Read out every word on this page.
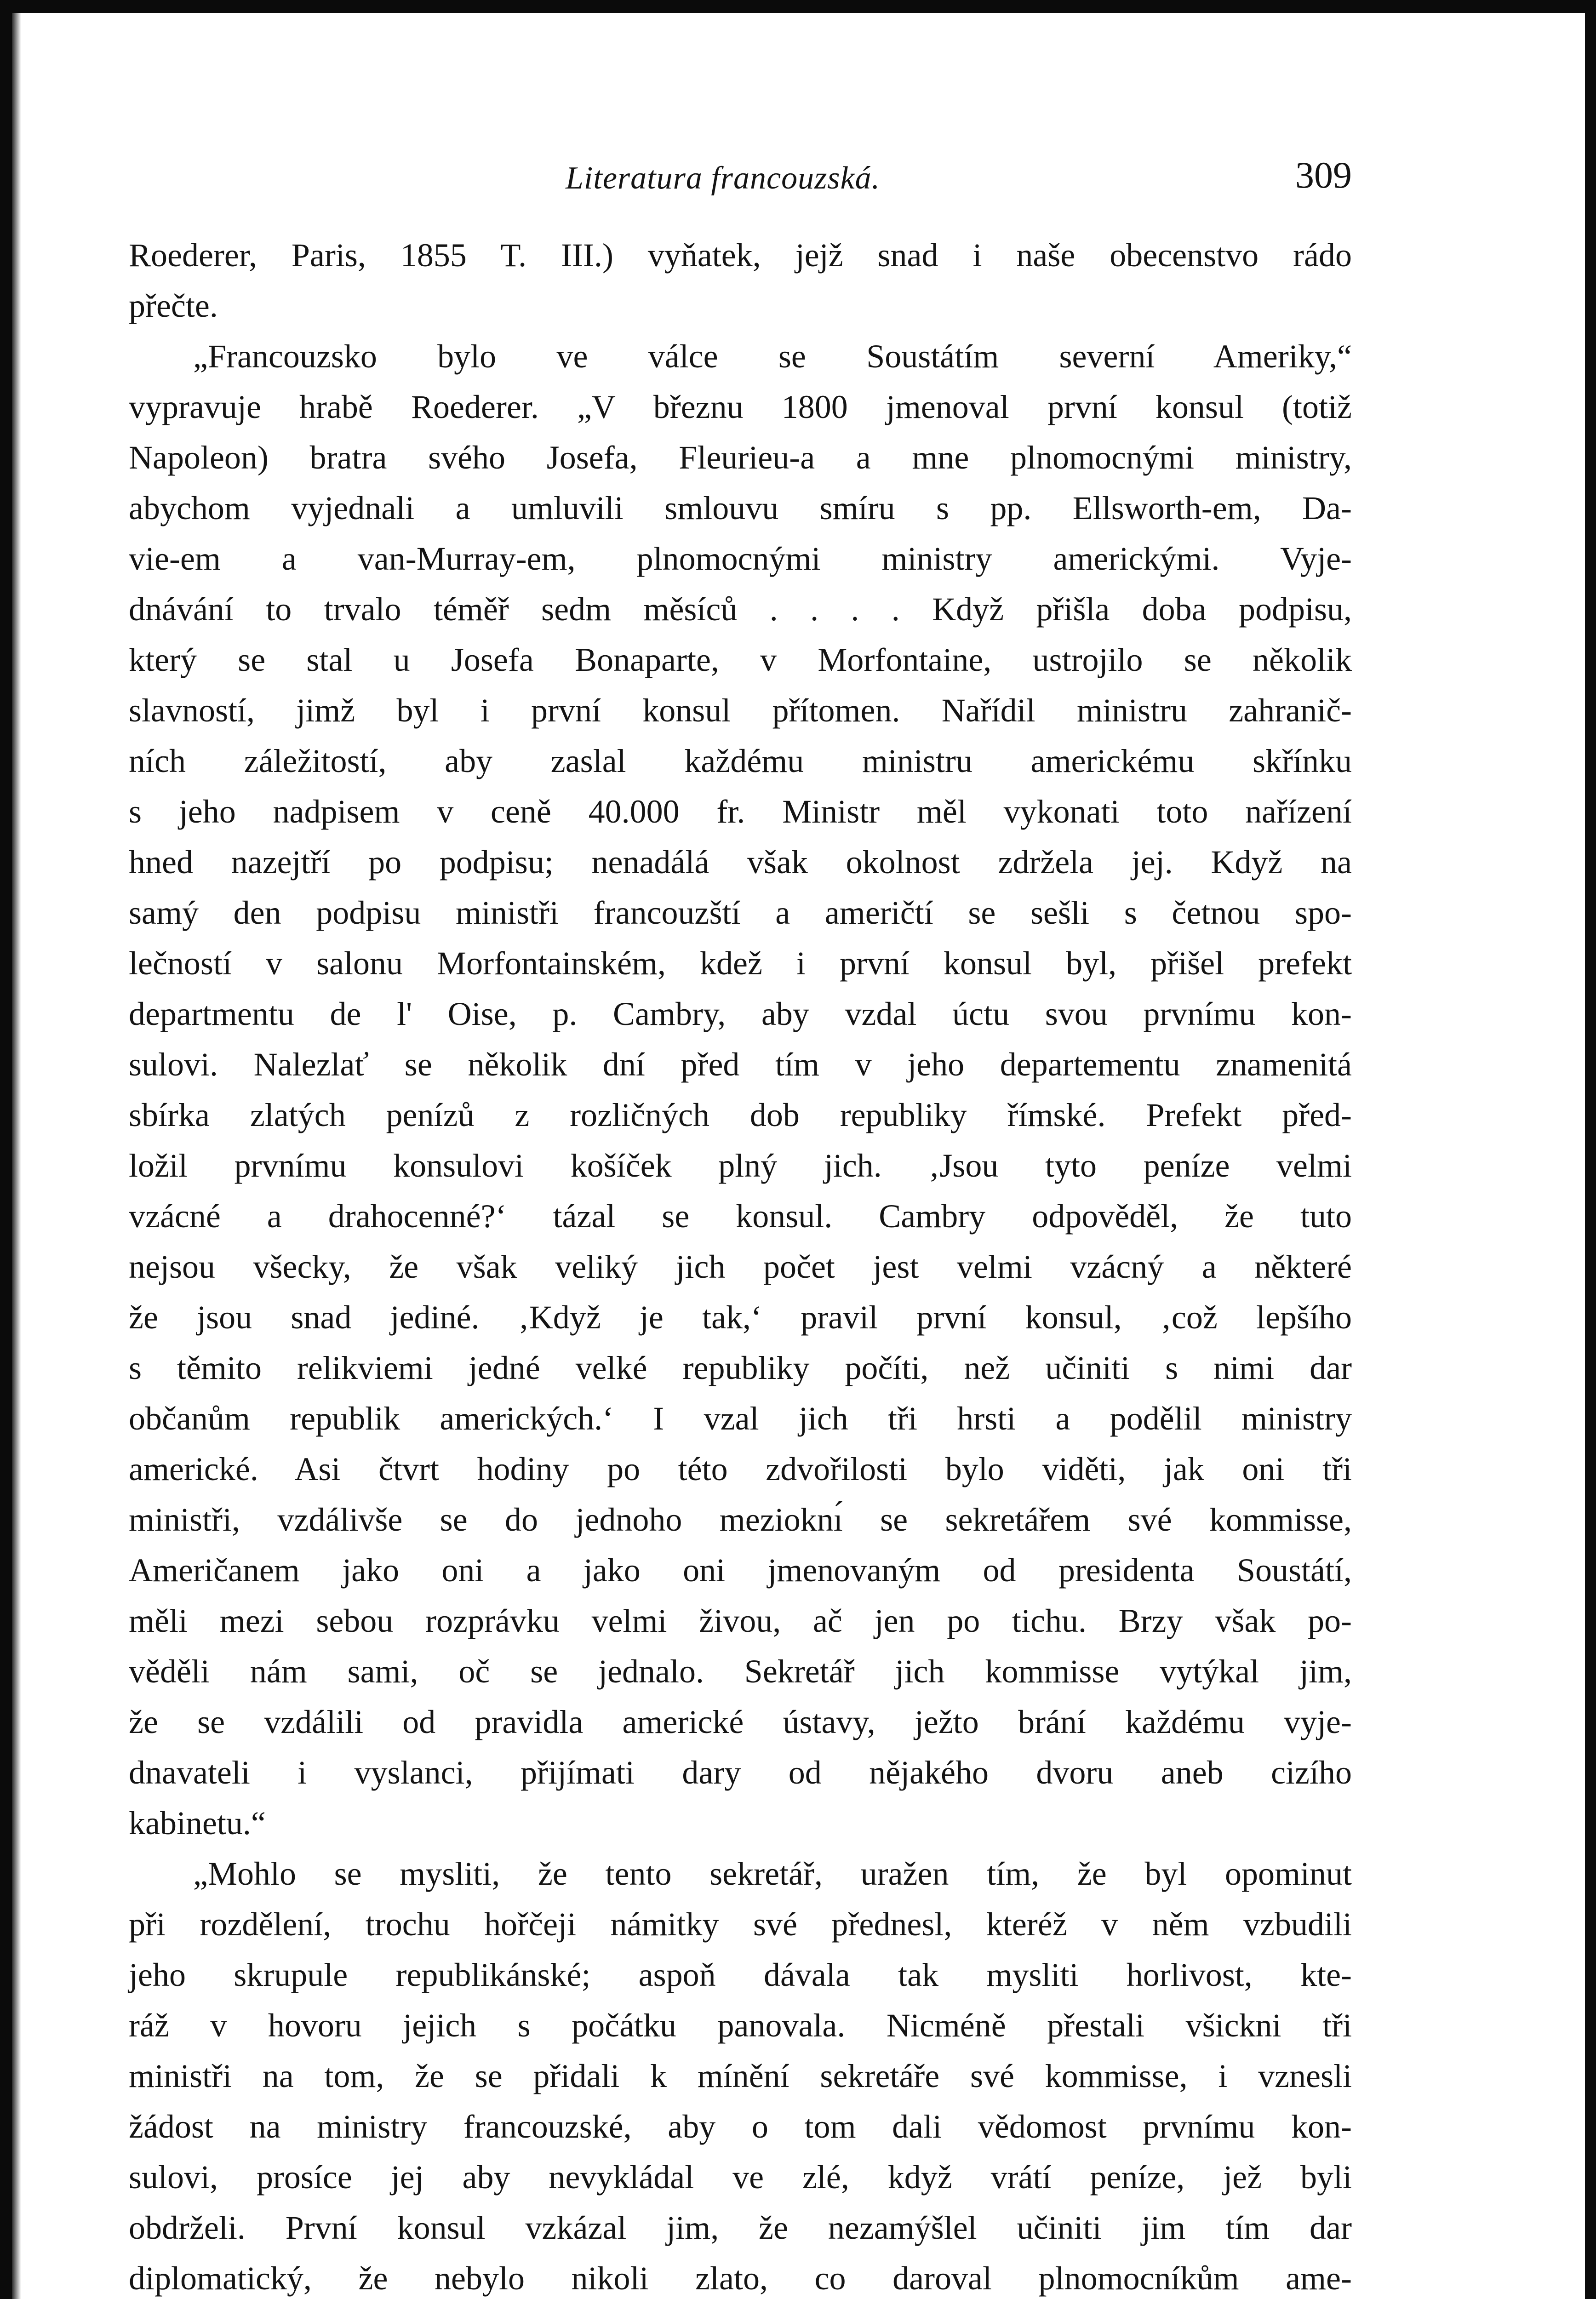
Literatura francouzská.	309
Roederer, Paris, 1855 T. III.) vyňatek, jejž snad i naše obecenstvo rádo
přečte.
„Francouzsko bylo ve válce se Soustátím severní Ameriky,“
vypravuje hrabě Roederer. „V březnu 1800 jmenoval první konsul (totiž
Napoleon) bratra svého Josefa, Fleurieu-a a mne plnomocnými ministry,
abychom vyjednali a umluvili smlouvu smíru s pp. Ellsworth-em, Da-
vie-em a van-Murray-em, plnomocnými ministry americkými. Vyje-
dnávání to trvalo téměř sedm měsíců . . . . Když přišla doba podpisu,
který se stal u Josefa Bonaparte, v Morfontaine, ustrojilo se několik
slavností, jimž byl i první konsul přítomen. Nařídil ministru zahranič-
ních záležitostí, aby zaslal každému ministru americkému skřínku
s jeho nadpisem v ceně 40.000 fr. Ministr měl vykonati toto nařízení
hned nazejtří po podpisu; nenadálá však okolnost zdržela jej. Když na
samý den podpisu ministři francouzští a američtí se sešli s četnou spo-
lečností v salonu Morfontainském, kdež i první konsul byl, přišel prefekt
departmentu de l' Oise, p. Cambry, aby vzdal úctu svou prvnímu kon-
sulovi. Nalezlať se několik dní před tím v jeho departementu znamenitá
sbírka zlatých penízů z rozličných dob republiky římské. Prefekt před-
ložil prvnímu konsulovi košíček plný jich. ‚Jsou tyto peníze velmi
vzácné a drahocenné?‘ tázal se konsul. Cambry odpověděl, že tuto
nejsou všecky, že však veliký jich počet jest velmi vzácný a některé
že jsou snad jediné. ‚Když je tak,‘ pravil první konsul, ‚což lepšího
s těmito relikviemi jedné velké republiky počíti, než učiniti s nimi dar
občanům republik amerických.‘ I vzal jich tři hrsti a podělil ministry
americké. Asi čtvrt hodiny po této zdvořilosti bylo viděti, jak oni tři
ministři, vzdálivše se do jednoho mezioknı́ se sekretářem své kommisse,
Američanem jako oni a jako oni jmenovaným od presidenta Soustátí,
měli mezi sebou rozprávku velmi živou, ač jen po tichu. Brzy však po-
věděli nám sami, oč se jednalo. Sekretář jich kommisse vytýkal jim,
že se vzdálili od pravidla americké ústavy, ježto brání každému vyje-
dnavateli i vyslanci, přijímati dary od nějakého dvoru aneb cizího
kabinetu.“
„Mohlo se mysliti, že tento sekretář, uražen tím, že byl opominut
při rozdělení, trochu hořčeji námitky své přednesl, kteréž v něm vzbudili
jeho skrupule republikánské; aspoň dávala tak mysliti horlivost, kte-
ráž v hovoru jejich s počátku panovala. Nicméně přestali všickni tři
ministři na tom, že se přidali k mínění sekretáře své kommisse, i vznesli
žádost na ministry francouzské, aby o tom dali vědomost prvnímu kon-
sulovi, prosíce jej aby nevykládal ve zlé, když vrátí peníze, jež byli
obdrželi. První konsul vzkázal jim, že nezamýšlel učiniti jim tím dar
diplomatický, že nebylo nikoli zlato, co daroval plnomocníkům ame-
